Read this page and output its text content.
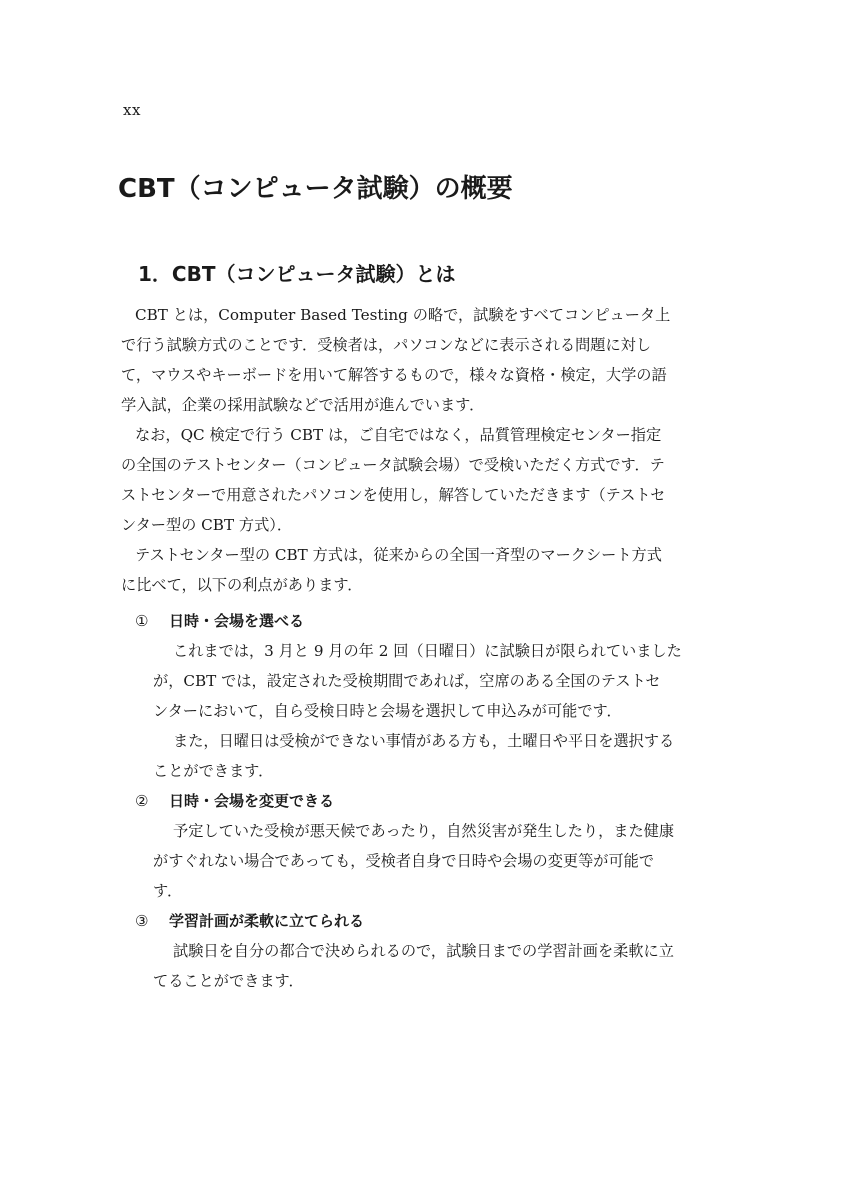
xx
CBT（コンピュータ試験）の概要
1．CBT（コンピュータ試験）とは
CBT とは，Computer Based Testing の略で，試験をすべてコンピュータ上
で行う試験方式のことです．受検者は，パソコンなどに表示される問題に対し
て，マウスやキーボードを用いて解答するもので，様々な資格・検定，大学の語
学入試，企業の採用試験などで活用が進んでいます．
なお，QC 検定で行う CBT は，ご自宅ではなく，品質管理検定センター指定
の全国のテストセンター（コンピュータ試験会場）で受検いただく方式です．テ
ストセンターで用意されたパソコンを使用し，解答していただきます（テストセ
ンター型の CBT 方式）．
テストセンター型の CBT 方式は，従来からの全国一斉型のマークシート方式
に比べて，以下の利点があります．
① 日時・会場を選べる
これまでは，3 月と 9 月の年 2 回（日曜日）に試験日が限られていました
が，CBT では，設定された受検期間であれば，空席のある全国のテストセ
ンターにおいて，自ら受検日時と会場を選択して申込みが可能です．
また，日曜日は受検ができない事情がある方も，土曜日や平日を選択する
ことができます．
② 日時・会場を変更できる
予定していた受検が悪天候であったり，自然災害が発生したり，また健康
がすぐれない場合であっても，受検者自身で日時や会場の変更等が可能で
す．
③ 学習計画が柔軟に立てられる
試験日を自分の都合で決められるので，試験日までの学習計画を柔軟に立
てることができます．
